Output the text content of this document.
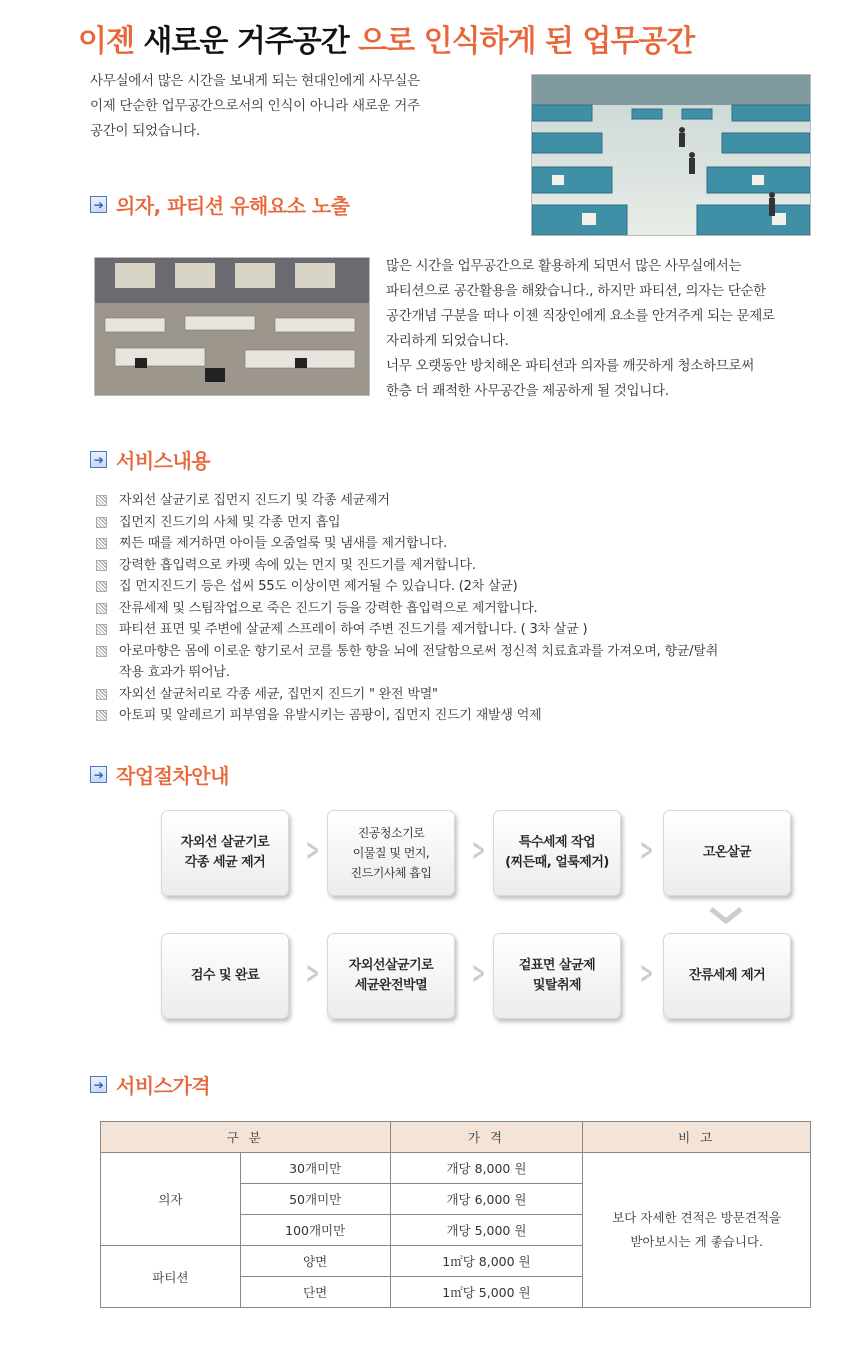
이젠 새로운 거주공간 으로 인식하게 된 업무공간
사무실에서 많은 시간을 보내게 되는 현대인에게 사무실은
이제 단순한 업무공간으로서의 인식이 아니라 새로운 거주
공간이 되었습니다.
➔ 의자, 파티션 유해요소 노출
많은 시간을 업무공간으로 활용하게 되면서 많은 사무실에서는
파티션으로 공간활용을 해왔습니다., 하지만 파티션, 의자는 단순한
공간개념 구분을 떠나 이젠 직장인에게 요소를 안겨주게 되는 문제로
자리하게 되었습니다.
너무 오랫동안 방치해온 파티션과 의자를 깨끗하게 청소하므로써
한층 더 쾌적한 사무공간을 제공하게 될 것입니다.
➔ 서비스내용
자외선 살균기로 집먼지 진드기 및 각종 세균제거
집먼지 진드기의 사체 및 각종 먼지 흡입
찌든 때를 제거하면 아이들 오줌얼룩 및 냄새를 제거합니다.
강력한 흡입력으로 카펫 속에 있는 먼지 및 진드기를 제거합니다.
집 먼지진드기 등은 섭씨 55도 이상이면 제거될 수 있습니다. (2차 살균)
잔류세제 및 스팀작업으로 죽은 진드기 등을 강력한 흡입력으로 제거합니다.
파티션 표면 및 주변에 살균제 스프레이 하여 주변 진드기를 제거합니다. ( 3차 살균 )
아로마향은 몸에 이로운 향기로서 코를 통한 향을 뇌에 전달함으로써 정신적 치료효과를 가져오며, 향균/탈취
작용 효과가 뛰어남.
자외선 살균처리로 각종 세균, 집먼지 진드기 " 완전 박멸"
아토피 및 알레르기 피부염을 유발시키는 곰팡이, 집먼지 진드기 재발생 억제
➔ 작업절차안내
자외선 살균기로
각종 세균 제거	>	진공청소기로
이물질 및 먼지,
진드기사체 흡입
>	특수세제 작업
(찌든때, 얼룩제거)	>	고온살균
검수 및 완료	>	자외선살균기로
세균완전박멸	>	겉표면 살균제
및탈취제	>	잔류세제 제거
➔ 서비스가격
구 분		가 격	비 고
의자	30개미만	개당 8,000 원	보다 자세한 견적은 방문견적을
받아보시는 게 좋습니다.
	50개미만	개당 6,000 원	
	100개미만	개당 5,000 원	
파티션	양면	1㎡당 8,000 원	
	단면	1㎡당 5,000 원	
